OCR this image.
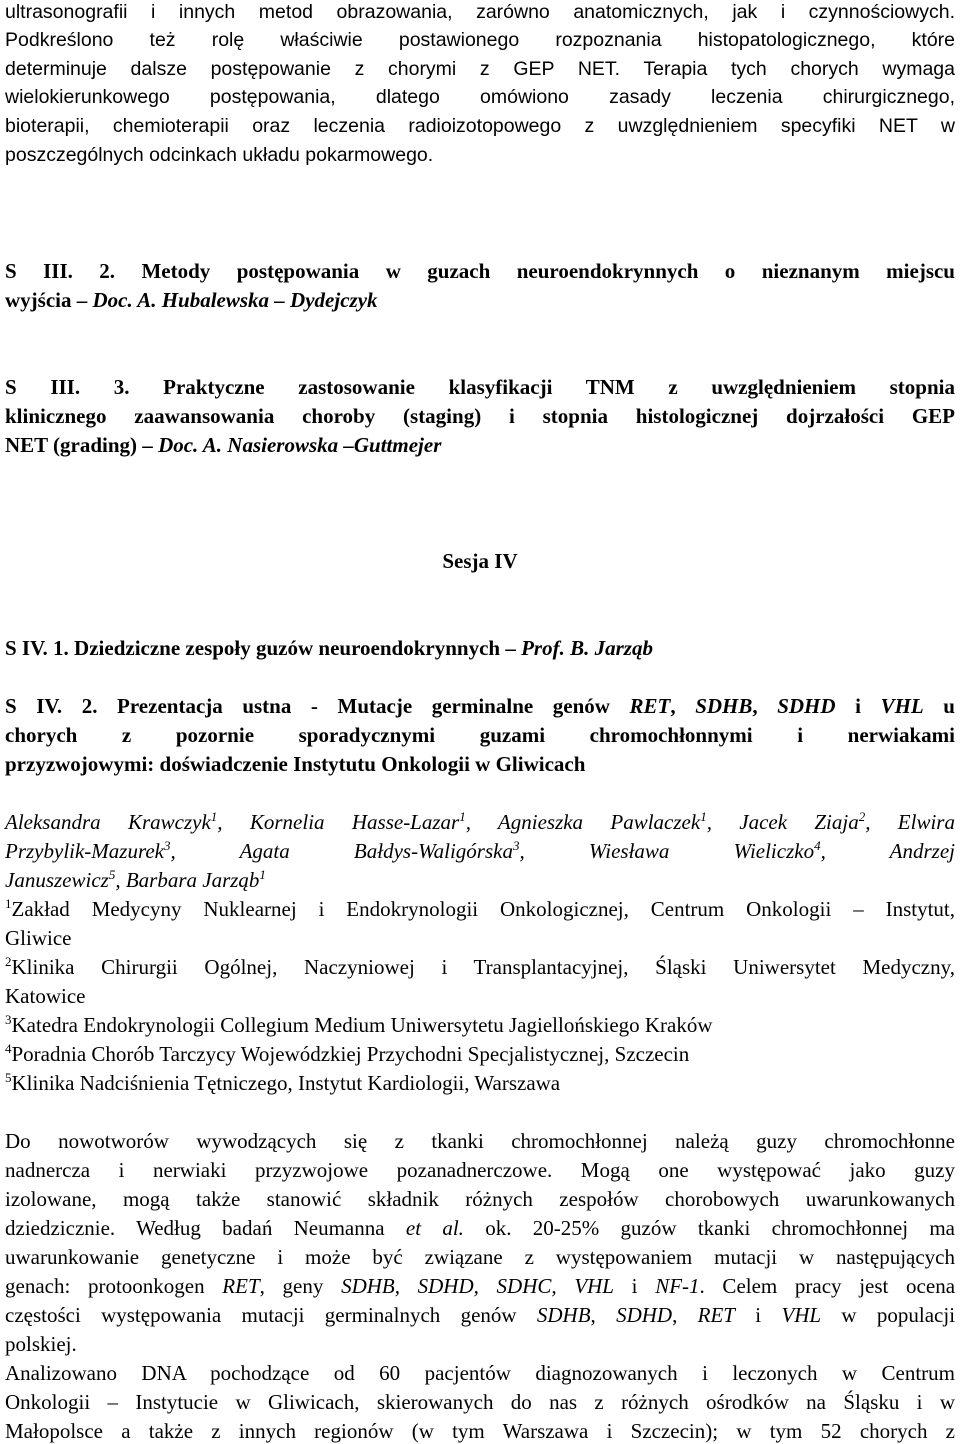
ultrasonografii i innych metod obrazowania, zarówno anatomicznych, jak i czynnościowych.
Podkreślono też rolę właściwie postawionego rozpoznania histopatologicznego, które
determinuje dalsze postępowanie z chorymi z GEP NET. Terapia tych chorych wymaga
wielokierunkowego postępowania, dlatego omówiono zasady leczenia chirurgicznego,
bioterapii, chemioterapii oraz leczenia radioizotopowego z uwzględnieniem specyfiki NET w
poszczególnych odcinkach układu pokarmowego.
S III. 2. Metody postępowania w guzach neuroendokrynnych o nieznanym miejscu
wyjścia – Doc. A. Hubalewska – Dydejczyk
S III. 3. Praktyczne zastosowanie klasyfikacji TNM z uwzględnieniem stopnia
klinicznego zaawansowania choroby (staging) i stopnia histologicznej dojrzałości GEP
NET (grading) – Doc. A. Nasierowska –Guttmejer
Sesja IV
S IV. 1. Dziedziczne zespoły guzów neuroendokrynnych – Prof. B. Jarząb
S IV. 2. Prezentacja ustna - Mutacje germinalne genów RET, SDHB, SDHD i VHL u
chorych z pozornie sporadycznymi guzami chromochłonnymi i nerwiakami
przyzwojowymi: doświadczenie Instytutu Onkologii w Gliwicach
Aleksandra Krawczyk$^1$, Kornelia Hasse-Lazar$^1$, Agnieszka Pawlaczek$^1$, Jacek Ziaja$^2$, Elwira
Przybylik-Mazurek$^3$, Agata Bałdys-Waligórska$^3$, Wiesława Wieliczko$^4$, Andrzej
Januszewicz$^5$, Barbara Jarząb$^1$
$^1$Zakład Medycyny Nuklearnej i Endokrynologii Onkologicznej, Centrum Onkologii – Instytut,
Gliwice
$^2$Klinika Chirurgii Ogólnej, Naczyniowej i Transplantacyjnej, Śląski Uniwersytet Medyczny,
Katowice
$^3$Katedra Endokrynologii Collegium Medium Uniwersytetu Jagiellońskiego Kraków
$^4$Poradnia Chorób Tarczycy Wojewódzkiej Przychodni Specjalistycznej, Szczecin
$^5$Klinika Nadciśnienia Tętniczego, Instytut Kardiologii, Warszawa
Do nowotworów wywodzących się z tkanki chromochłonnej należą guzy chromochłonne
nadnercza i nerwiaki przyzwojowe pozanadnerczowe. Mogą one występować jako guzy
izolowane, mogą także stanowić składnik różnych zespołów chorobowych uwarunkowanych
dziedzicznie. Według badań Neumanna et al. ok. 20-25% guzów tkanki chromochłonnej ma
uwarunkowanie genetyczne i może być związane z występowaniem mutacji w następujących
genach: protoonkogen RET, geny SDHB, SDHD, SDHC, VHL i NF-1. Celem pracy jest ocena
częstości występowania mutacji germinalnych genów SDHB, SDHD, RET i VHL w populacji
polskiej.
Analizowano DNA pochodzące od 60 pacjentów diagnozowanych i leczonych w Centrum
Onkologii – Instytucie w Gliwicach, skierowanych do nas z różnych ośrodków na Śląsku i w
Małopolsce a także z innych regionów (w tym Warszawa i Szczecin); w tym 52 chorych z
